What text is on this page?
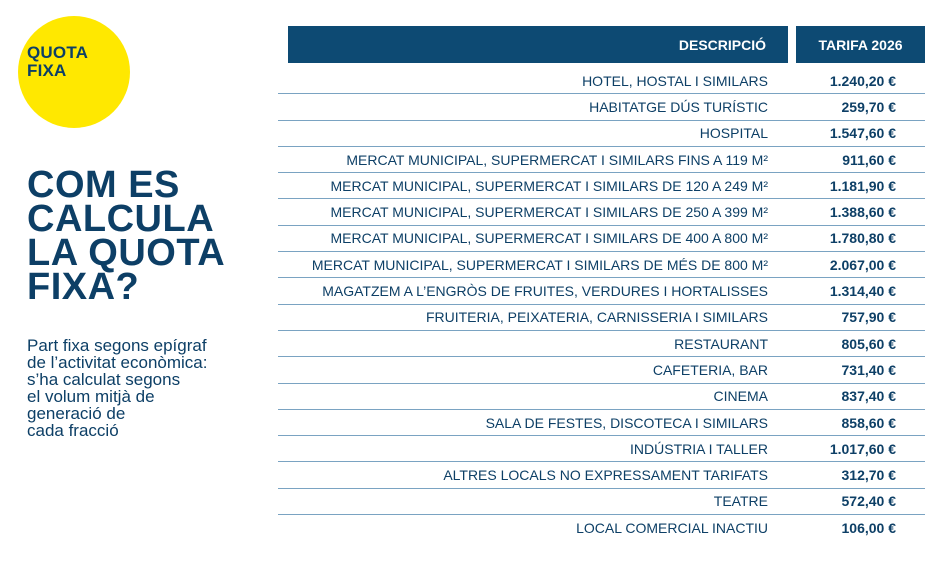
QUOTA
FIXA
COM ES
CALCULA
LA QUOTA
FIXA?

Part fixa segons epígraf
de l’activitat econòmica:
s’ha calculat segons
el volum mitjà de
generació de
cada fracció

DESCRIPCIÓ	TARIFA 2026
HOTEL, HOSTAL I SIMILARS	1.240,20 €
HABITATGE DÚS TURÍSTIC	259,70 €
HOSPITAL	1.547,60 €
MERCAT MUNICIPAL, SUPERMERCAT I SIMILARS FINS A 119 M²	911,60 €
MERCAT MUNICIPAL, SUPERMERCAT I SIMILARS DE 120 A 249 M²	1.181,90 €
MERCAT MUNICIPAL, SUPERMERCAT I SIMILARS DE 250 A 399 M²	1.388,60 €
MERCAT MUNICIPAL, SUPERMERCAT I SIMILARS DE 400 A 800 M²	1.780,80 €
MERCAT MUNICIPAL, SUPERMERCAT I SIMILARS DE MÉS DE 800 M²	2.067,00 €
MAGATZEM A L’ENGRÒS DE FRUITES, VERDURES I HORTALISSES	1.314,40 €
FRUITERIA, PEIXATERIA, CARNISSERIA I SIMILARS	757,90 €
RESTAURANT	805,60 €
CAFETERIA, BAR	731,40 €
CINEMA	837,40 €
SALA DE FESTES, DISCOTECA I SIMILARS	858,60 €
INDÚSTRIA I TALLER	1.017,60 €
ALTRES LOCALS NO EXPRESSAMENT TARIFATS	312,70 €
TEATRE	572,40 €
LOCAL COMERCIAL INACTIU	106,00 €
